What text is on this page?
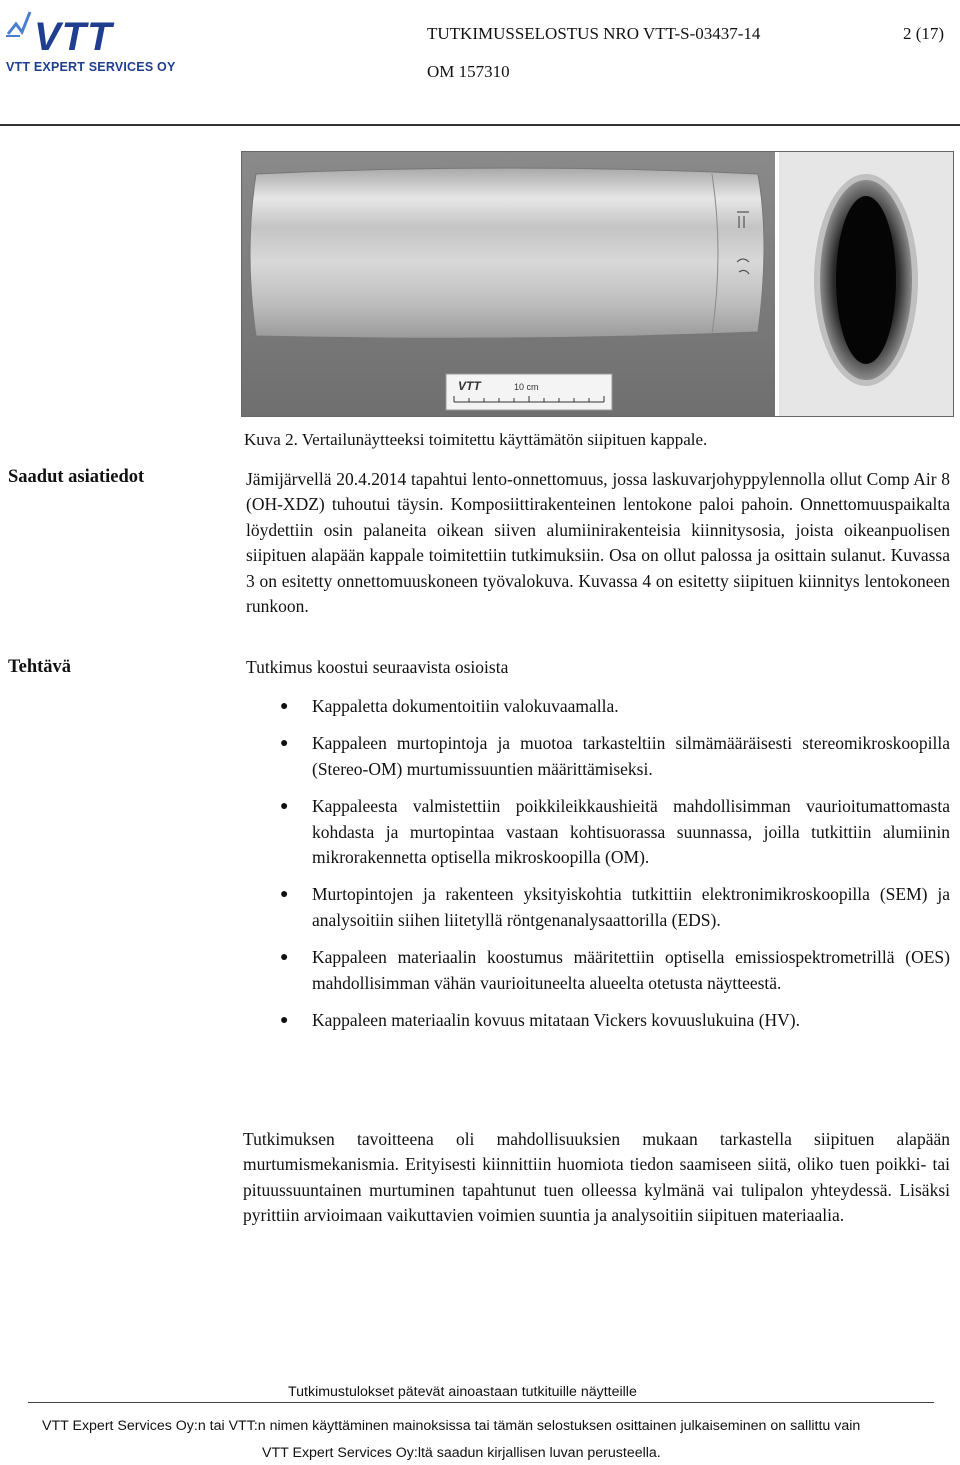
VTT
VTT EXPERT SERVICES OY
TUTKIMUSSELOSTUS NRO VTT-S-03437-14	2 (17)
OM 157310
VTT	10 cm
Kuva 2. Vertailunäytteeksi toimitettu käyttämätön siipituen kappale.
Saadut asiatiedot	Jämijärvellä 20.4.2014 tapahtui lento-onnettomuus, jossa laskuvarjohyppylennolla ollut Comp Air 8 (OH-XDZ) tuhoutui täysin. Komposiittirakenteinen lentokone paloi pahoin. Onnettomuuspaikalta löydettiin osin palaneita oikean siiven alumiinirakenteisia kiinnitysosia, joista oikeanpuolisen siipituen alapään kappale toimitettiin tutkimuksiin. Osa on ollut palossa ja osittain sulanut. Kuvassa 3 on esitetty onnettomuuskoneen työvalokuva. Kuvassa 4 on esitetty siipituen kiinnitys lentokoneen runkoon.
Tehtävä	Tutkimus koostui seuraavista osioista
● Kappaletta dokumentoitiin valokuvaamalla.
● Kappaleen murtopintoja ja muotoa tarkasteltiin silmämääräisesti stereomikroskoopilla (Stereo-OM) murtumissuuntien määrittämiseksi.
● Kappaleesta valmistettiin poikkileikkaushieitä mahdollisimman vaurioitumattomasta kohdasta ja murtopintaa vastaan kohtisuorassa suunnassa, joilla tutkittiin alumiinin mikrorakennetta optisella mikroskoopilla (OM).
● Murtopintojen ja rakenteen yksityiskohtia tutkittiin elektronimikroskoopilla (SEM) ja analysoitiin siihen liitetyllä röntgenanalysaattorilla (EDS).
● Kappaleen materiaalin koostumus määritettiin optisella emissiospektrometrillä (OES) mahdollisimman vähän vaurioituneelta alueelta otetusta näytteestä.
● Kappaleen materiaalin kovuus mitataan Vickers kovuuslukuina (HV).
Tutkimuksen tavoitteena oli mahdollisuuksien mukaan tarkastella siipituen alapään murtumismekanismia. Erityisesti kiinnittiin huomiota tiedon saamiseen siitä, oliko tuen poikki- tai pituussuuntainen murtuminen tapahtunut tuen olleessa kylmänä vai tulipalon yhteydessä. Lisäksi pyrittiin arvioimaan vaikuttavien voimien suuntia ja analysoitiin siipituen materiaalia.
Tutkimustulokset pätevät ainoastaan tutkituille näytteille
VTT Expert Services Oy:n tai VTT:n nimen käyttäminen mainoksissa tai tämän selostuksen osittainen julkaiseminen on sallittu vain
VTT Expert Services Oy:ltä saadun kirjallisen luvan perusteella.
